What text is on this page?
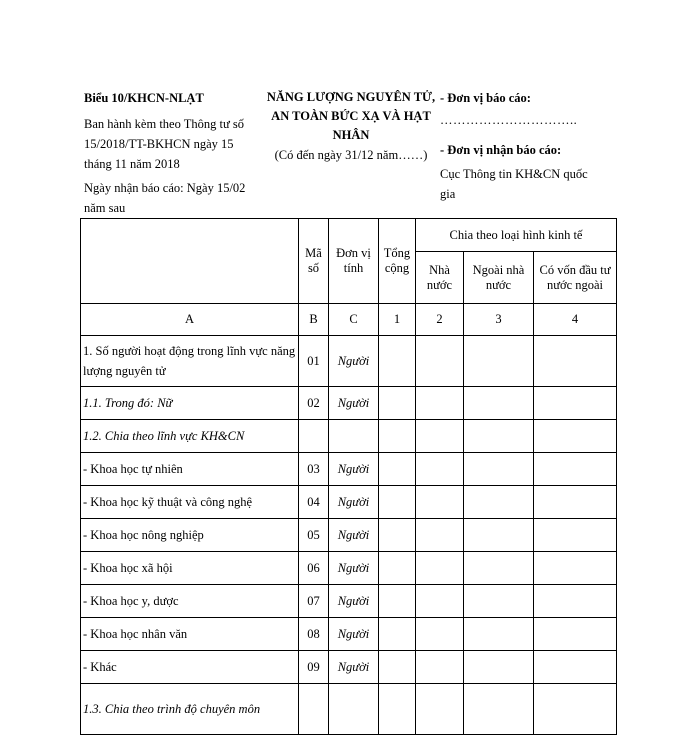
Biểu 10/KHCN-NLẠT
Ban hành kèm theo Thông tư số 15/2018/TT-BKHCN ngày 15 tháng 11 năm 2018
Ngày nhận báo cáo: Ngày 15/02 năm sau
NĂNG LƯỢNG NGUYÊN TỬ, AN TOÀN BỨC XẠ VÀ HẠT NHÂN
(Có đến ngày 31/12 năm……)
- Đơn vị báo cáo:
…………………………..
- Đơn vị nhận báo cáo:
Cục Thông tin KH&CN quốc gia
	Mã số	Đơn vị tính	Tổng cộng	Chia theo loại hình kinh tế		
				Nhà nước	Ngoài nhà nước	Có vốn đầu tư nước ngoài
A	B	C	1	2	3	4
1. Số người hoạt động trong lĩnh vực năng lượng nguyên tử	01	Người				
1.1. Trong đó: Nữ	02	Người				
1.2. Chia theo lĩnh vực KH&CN						
- Khoa học tự nhiên	03	Người				
- Khoa học kỹ thuật và công nghệ	04	Người				
- Khoa học nông nghiệp	05	Người				
- Khoa học xã hội	06	Người				
- Khoa học y, dược	07	Người				
- Khoa học nhân văn	08	Người				
- Khác	09	Người				
1.3. Chia theo trình độ chuyên môn						
